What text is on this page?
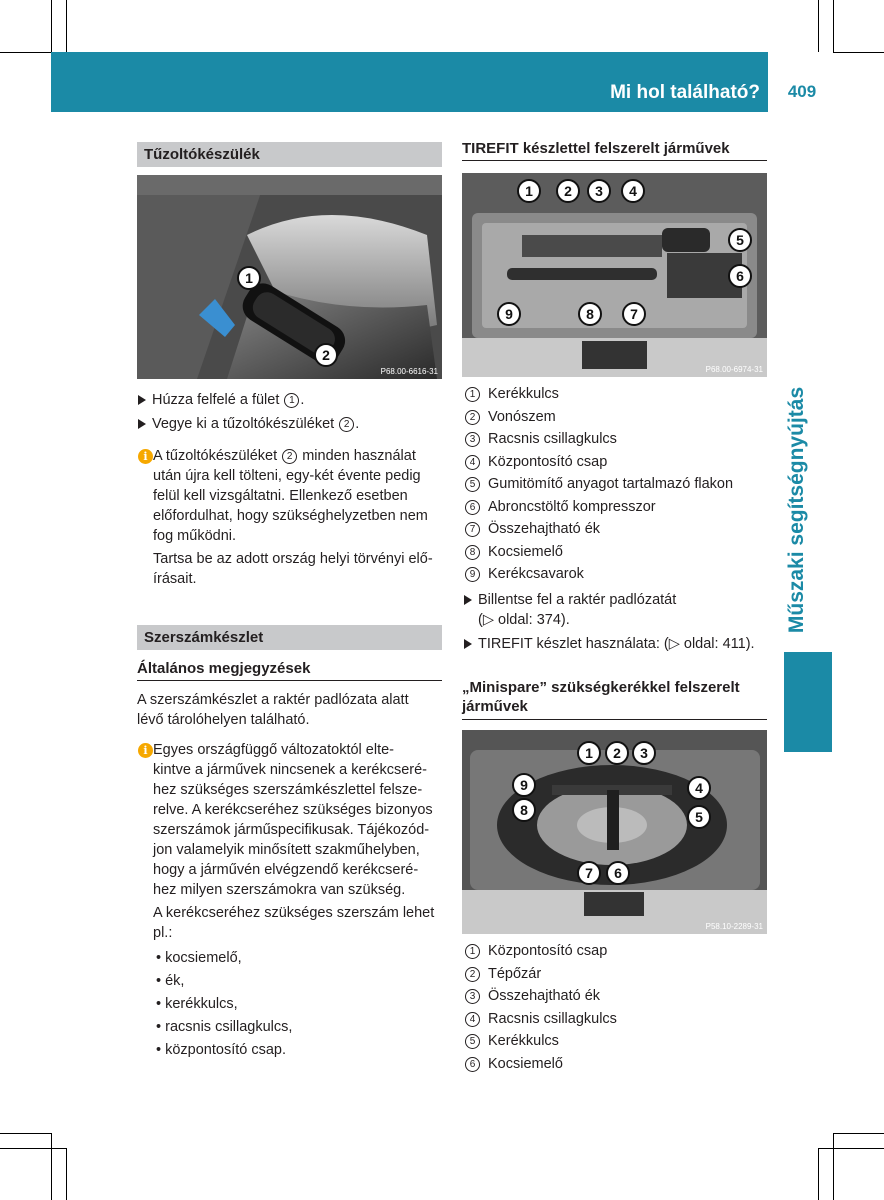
Mi hol található?	409
Műszaki segítségnyújtás
Tűzoltókészülék
1
2
P68.00-6616-31
Húzza felfelé a fület 1 .
Vegye ki a tűzoltókészüléket 2 .
i A tűzoltókészüléket 2 minden használat

után újra kell tölteni, egy-két évente pedig

felül kell vizsgáltatni. Ellenkező esetben

előfordulhat, hogy szükséghelyzetben nem

fog működni.

Tartsa be az adott ország helyi törvényi elő-

írásait.

Szerszámkészlet
Általános megjegyzések

A szerszámkészlet a raktér padlózata alatt

lévő tárolóhelyen található.

i Egyes országfüggő változatoktól elte-

kintve a járművek nincsenek a kerékcseré-

hez szükséges szerszámkészlettel felsze-

relve. A kerékcseréhez szükséges bizonyos

szerszámok járműspecifikusak. Tájékozód-

jon valamelyik minősített szakműhelyben,

hogy a járművén elvégzendő kerékcseré-

hez milyen szerszámokra van szükség.

A kerékcseréhez szükséges szerszám lehet

pl.:

• kocsiemelő,
• ék,
• kerékkulcs,
• racsnis csillagkulcs,
• központosító csap.
TIREFIT készlettel felszerelt járművek
1	2	3	4
5
6
7
8
9
P68.00-6974-31
1 Kerékkulcs
2 Vonószem
3 Racsnis csillagkulcs
4 Központosító csap
5 Gumitömítő anyagot tartalmazó flakon
6 Abroncstöltő kompresszor
7 Összehajtható ék
8 Kocsiemelő
9 Kerékcsavarok
Billentse fel a raktér padlózatát
(▷ oldal: 374).
TIREFIT készlet használata: (▷ oldal: 411).
„Minispare” szükségkerékkel felszerelt
járművek
1	2	3
4
5
6
7
8
9
P58.10-2289-31
1 Központosító csap
2 Tépőzár
3 Összehajtható ék
4 Racsnis csillagkulcs
5 Kerékkulcs
6 Kocsiemelő
